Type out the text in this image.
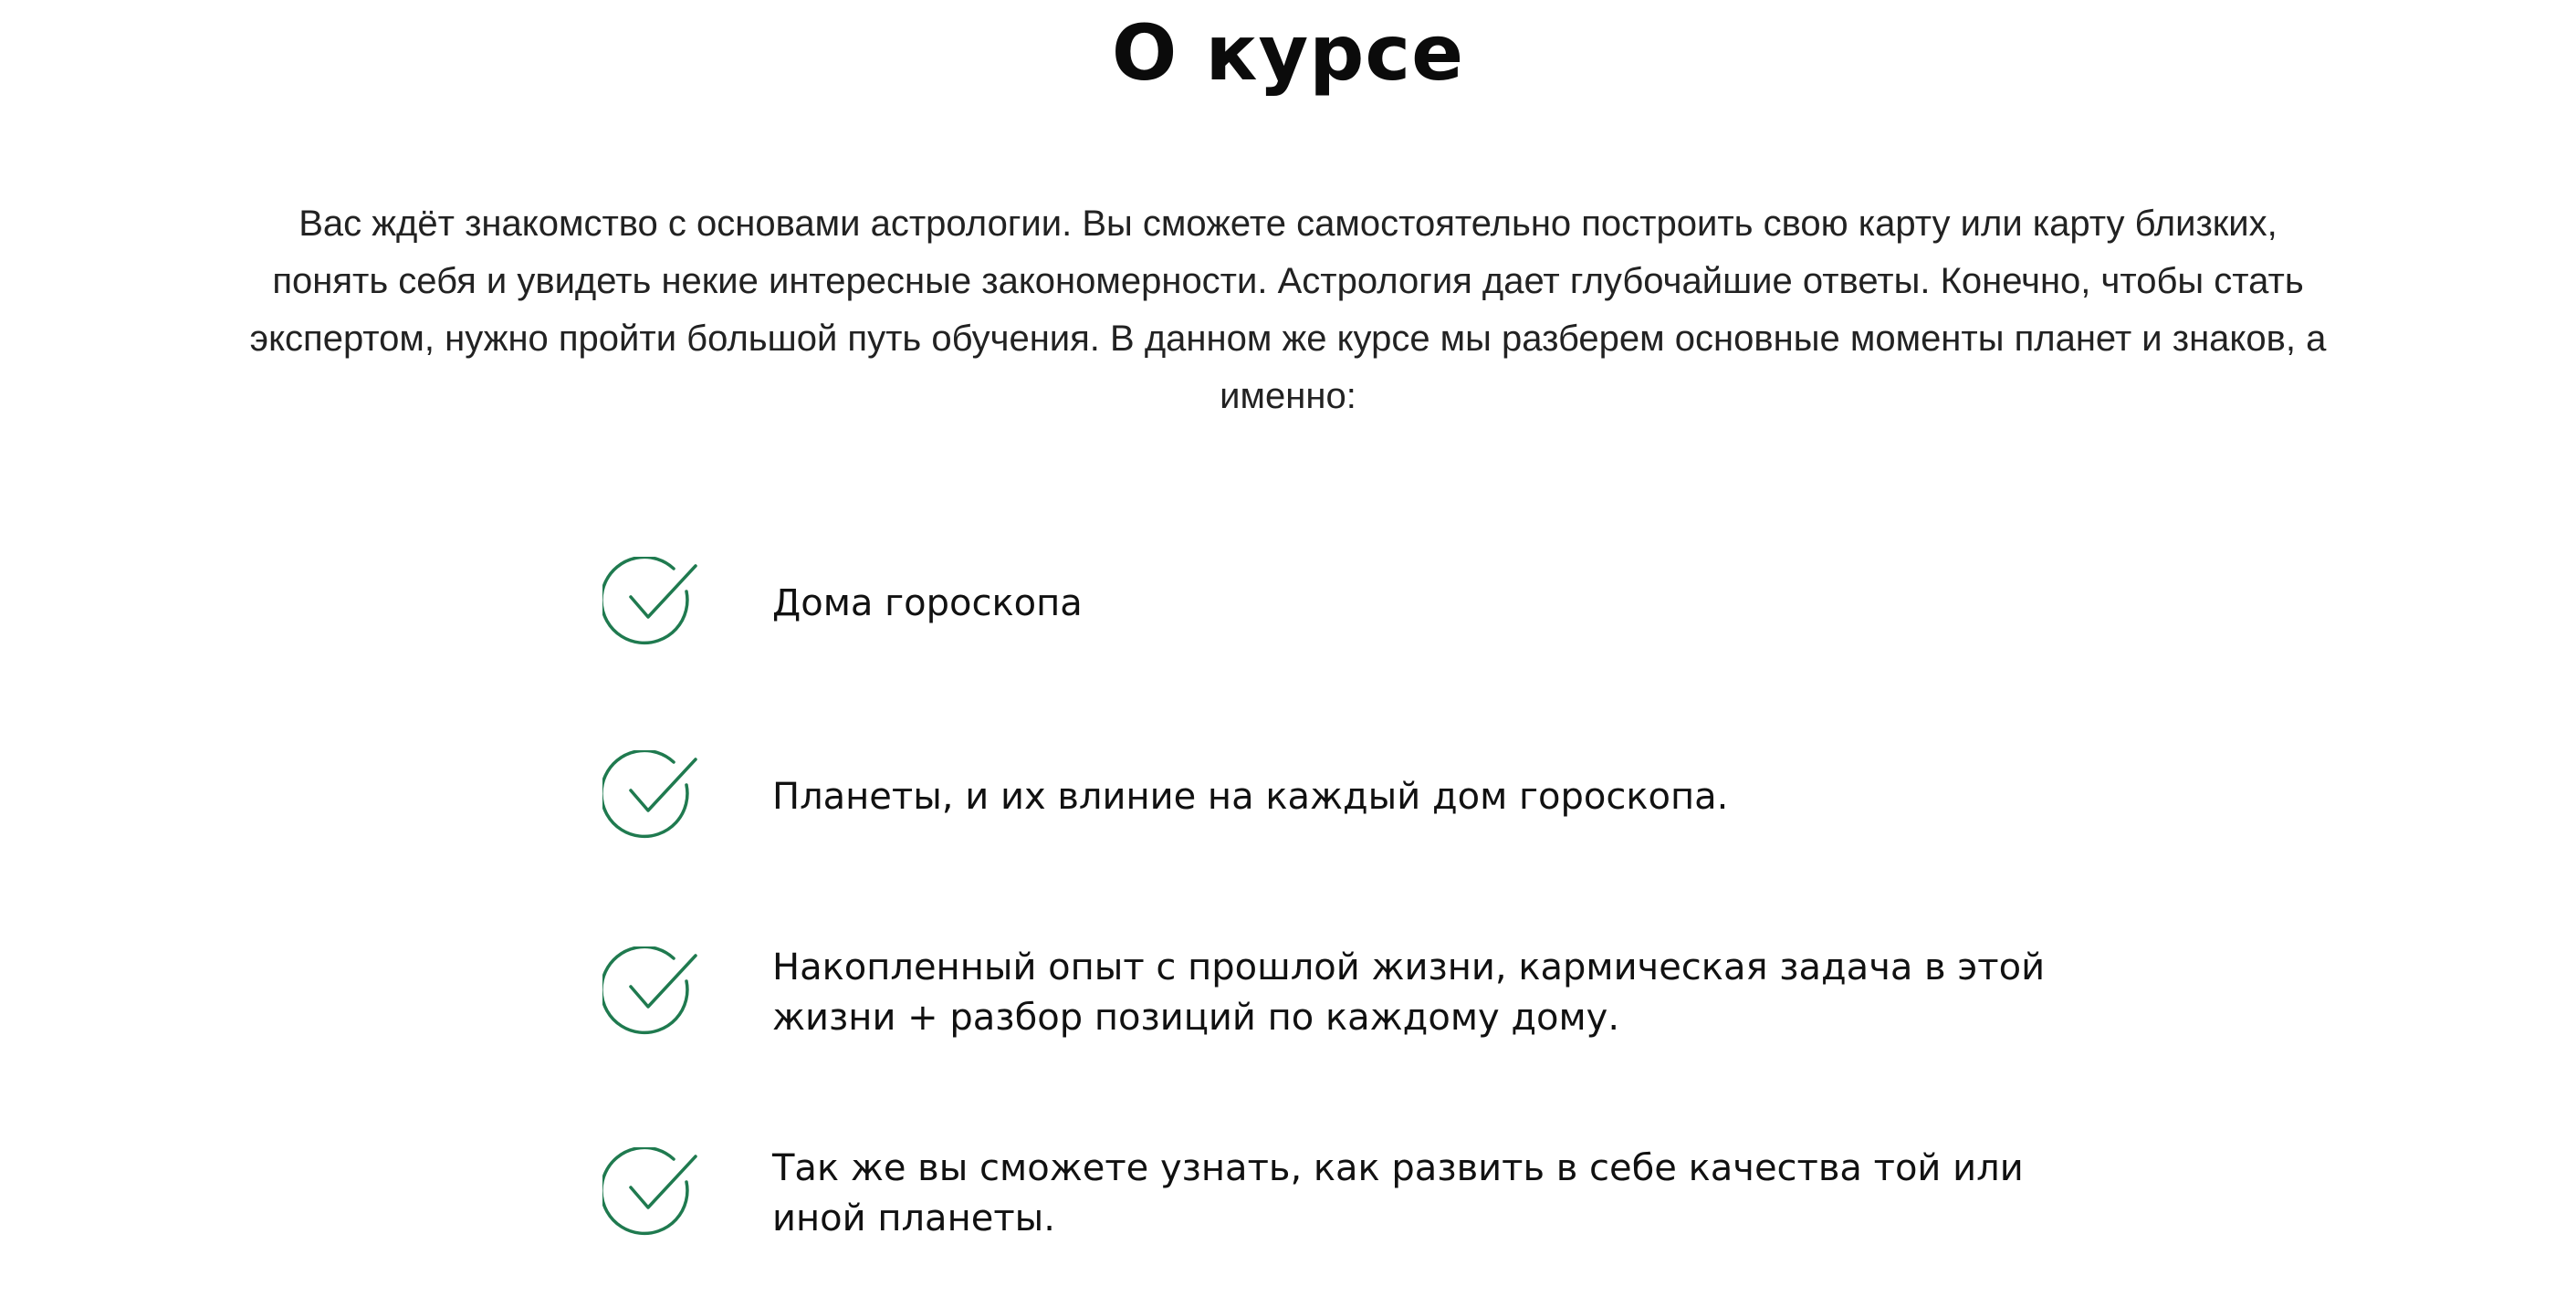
О курсе

Вас ждёт знакомство с основами астрологии. Вы сможете самостоятельно построить свою карту или карту близких, понять себя и увидеть некие интересные закономерности. Астрология дает глубочайшие ответы. Конечно, чтобы стать экспертом, нужно пройти большой путь обучения. В данном же курсе мы разберем основные моменты планет и знаков, а именно:

Дома гороскопа

Планеты, и их влиние на каждый дом гороскопа.

Накопленный опыт с прошлой жизни, кармическая задача в этой жизни + разбор позиций по каждому дому.

Так же вы сможете узнать, как развить в себе качества той или иной планеты.
